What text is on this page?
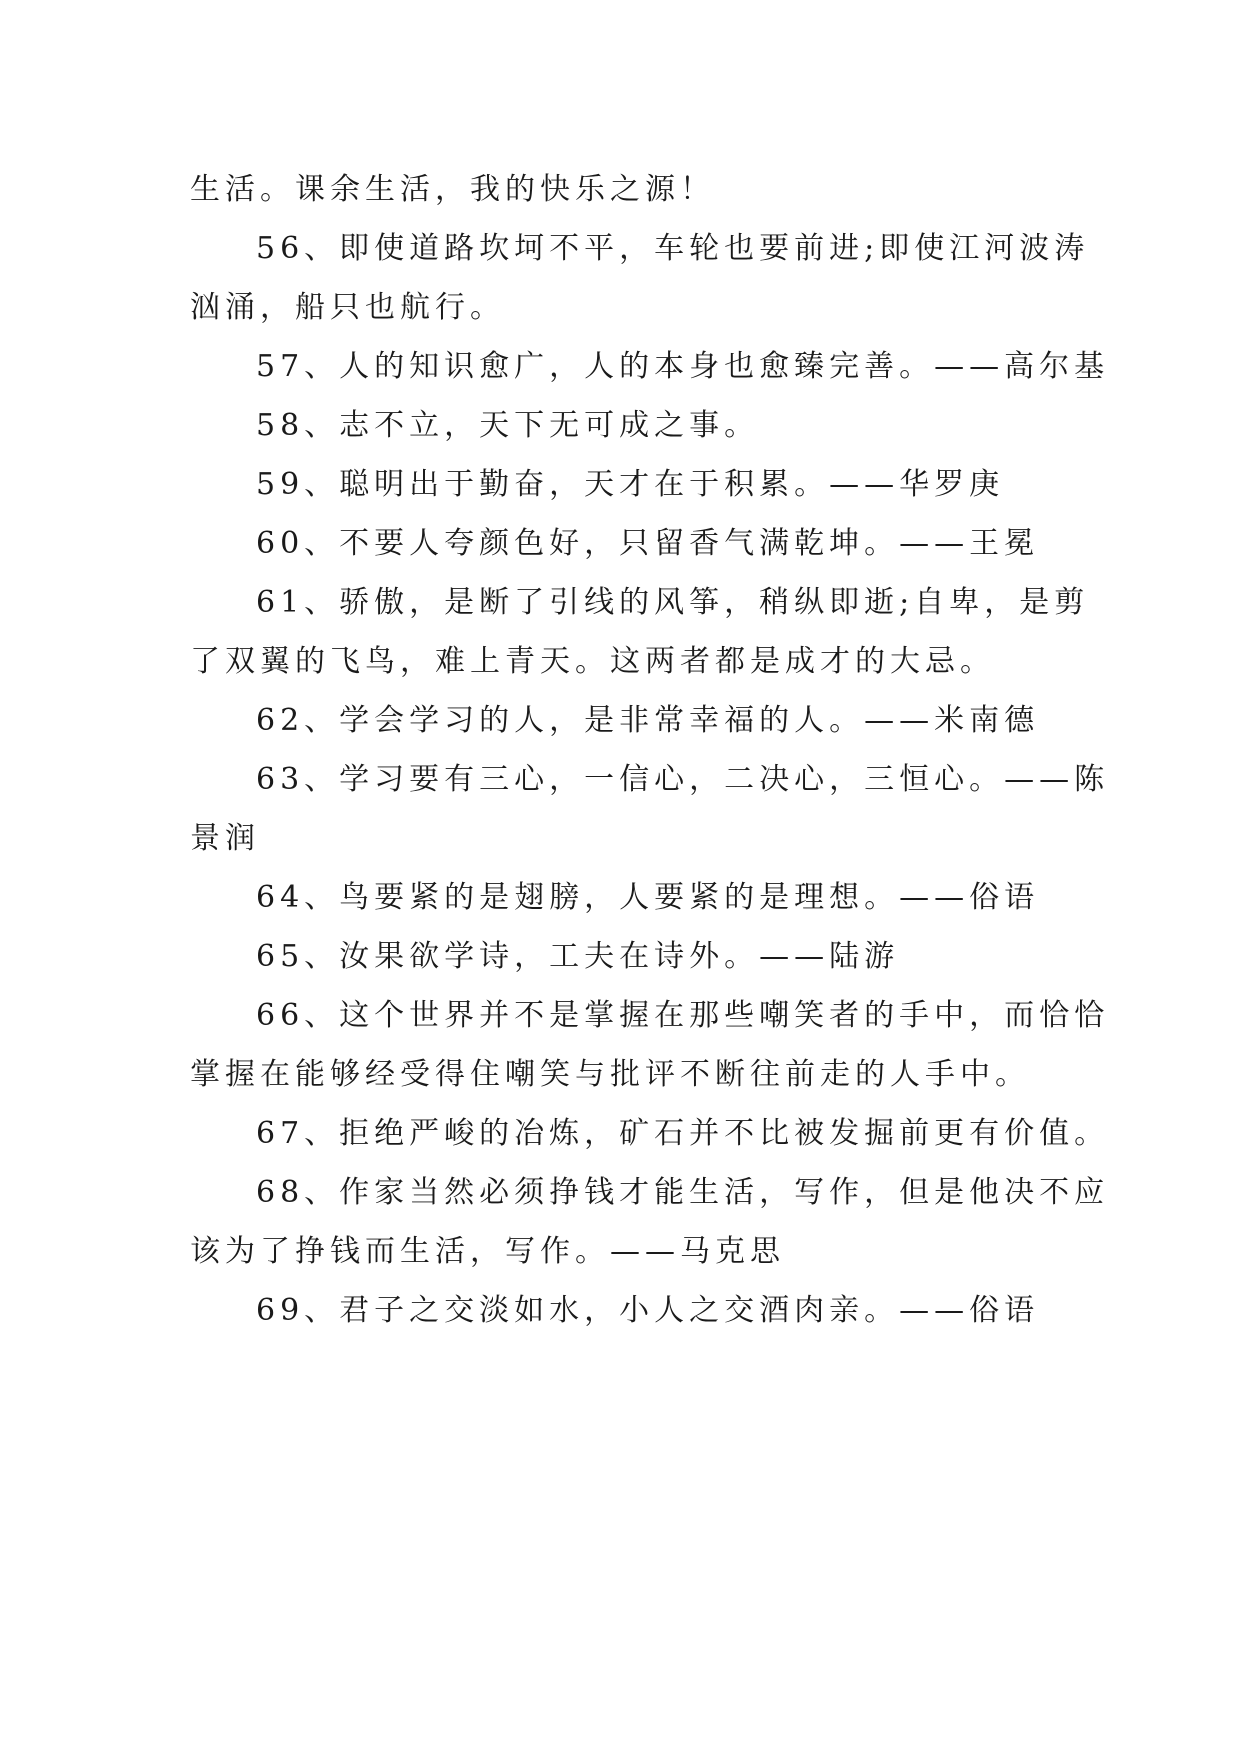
生活。课余生活，我的快乐之源！
56、即使道路坎坷不平，车轮也要前进;即使江河波涛
汹涌，船只也航行。
57、人的知识愈广，人的本身也愈臻完善。——高尔基
58、志不立，天下无可成之事。
59、聪明出于勤奋，天才在于积累。——华罗庚
60、不要人夸颜色好，只留香气满乾坤。——王冕
61、骄傲，是断了引线的风筝，稍纵即逝;自卑，是剪
了双翼的飞鸟，难上青天。这两者都是成才的大忌。
62、学会学习的人，是非常幸福的人。——米南德
63、学习要有三心，一信心，二决心，三恒心。——陈
景润
64、鸟要紧的是翅膀，人要紧的是理想。——俗语
65、汝果欲学诗，工夫在诗外。——陆游
66、这个世界并不是掌握在那些嘲笑者的手中，而恰恰
掌握在能够经受得住嘲笑与批评不断往前走的人手中。
67、拒绝严峻的冶炼，矿石并不比被发掘前更有价值。
68、作家当然必须挣钱才能生活，写作，但是他决不应
该为了挣钱而生活，写作。——马克思
69、君子之交淡如水，小人之交酒肉亲。——俗语
